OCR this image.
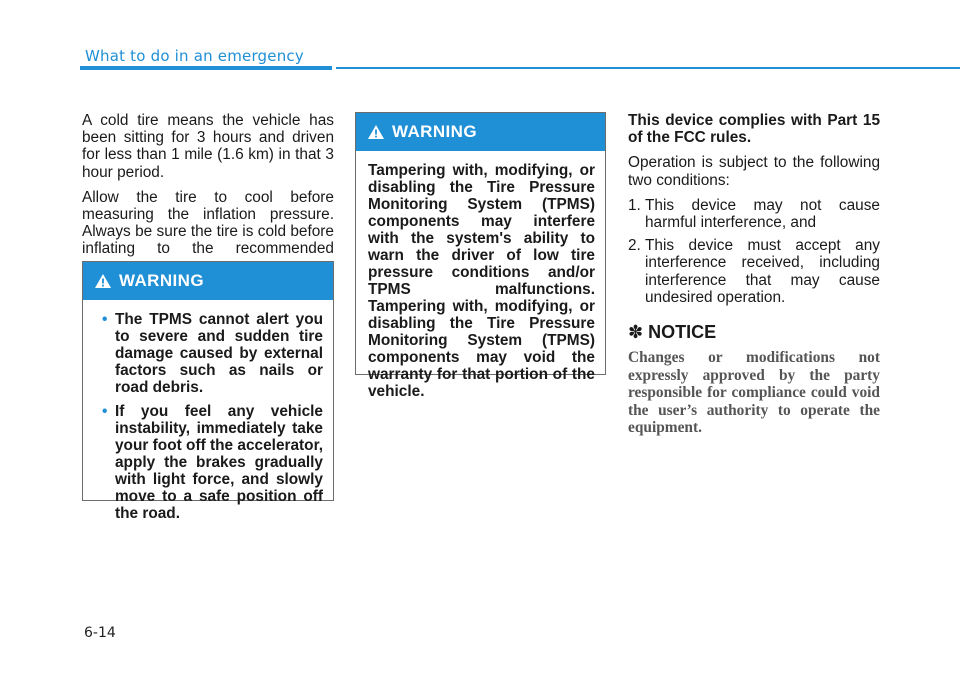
What to do in an emergency

A cold tire means the vehicle has been sitting for 3 hours and driven for less than 1 mile (1.6 km) in that 3 hour period.

Allow the tire to cool before measuring the inflation pressure. Always be sure the tire is cold before inflating to the recommended

WARNING
• The TPMS cannot alert you to severe and sudden tire damage caused by external factors such as nails or road debris.
• If you feel any vehicle instability, immediately take your foot off the accelerator, apply the brakes gradually with light force, and slowly move to a safe position off the road.
WARNING

Tampering with, modifying, or disabling the Tire Pressure Monitoring System (TPMS) components may interfere with the system's ability to warn the driver of low tire pressure conditions and/or TPMS malfunctions. Tampering with, modifying, or disabling the Tire Pressure Monitoring System (TPMS) components may void the warranty for that portion of the vehicle.

This device complies with Part 15 of the FCC rules.

Operation is subject to the following two conditions:

1. This device may not cause harmful interference, and
2. This device must accept any interference received, including interference that may cause undesired operation.
✽ NOTICE

Changes or modifications not expressly approved by the party responsible for compliance could void the user’s authority to operate the equipment.

6-14
